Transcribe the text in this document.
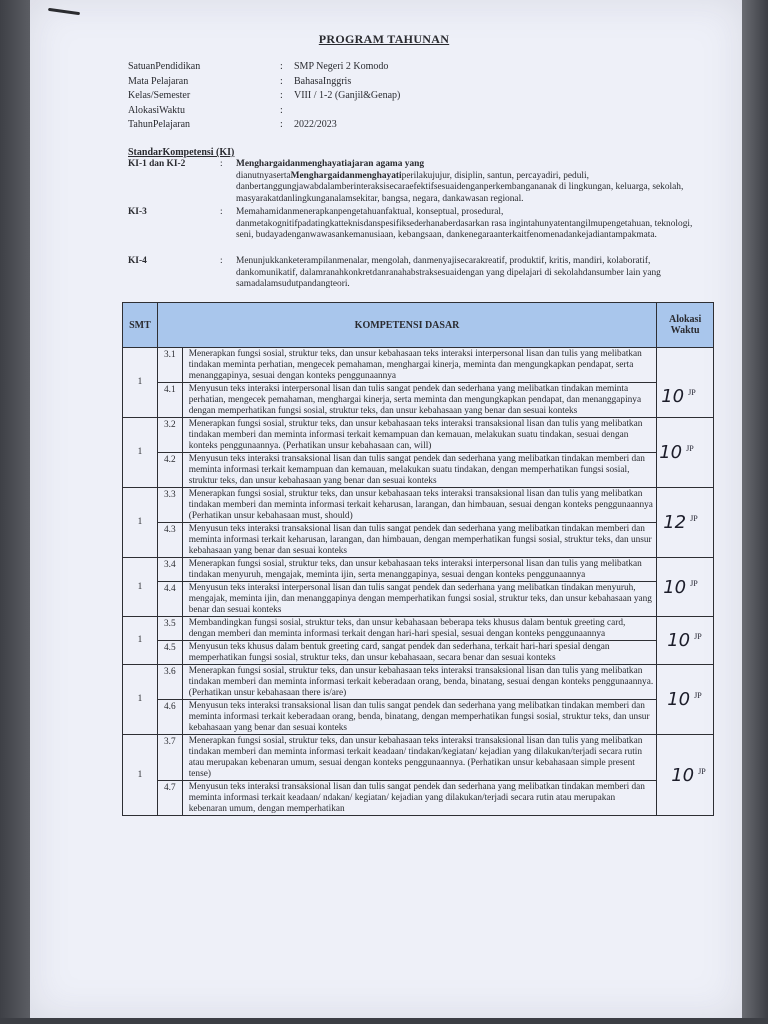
PROGRAM TAHUNAN
SatuanPendidikan	:	SMP Negeri 2 Komodo
Mata Pelajaran	:	BahasaInggris
Kelas/Semester	:	VIII / 1-2 (Ganjil&Genap)
AlokasiWaktu	:
TahunPelajaran	:	2022/2023
StandarKompetensi (KI)
KI-1 dan KI-2	:	Menghargaidanmenghayatiajaran agama yang
dianutnyasertaMenghargaidanmenghayatiperilakujujur, disiplin, santun, percayadiri, peduli, danbertanggungjawabdalamberinteraksisecaraefektifsesuaidenganperkembangananak di lingkungan, keluarga, sekolah, masyarakatdanlingkunganalamsekitar, bangsa, negara, dankawasan regional.
KI-3	:	Memahamidanmenerapkanpengetahuanfaktual, konseptual, prosedural, danmetakognitifpadatingkatteknisdanspesifiksederhanaberdasarkan rasa ingintahunyatentangilmupengetahuan, teknologi, seni, budayadenganwawasankemanusiaan, kebangsaan, dankenegaraanterkaitfenomenadankejadiantampakmata.
KI-4	:	Menunjukkanketerampilanmenalar, mengolah, danmenyajisecarakreatif, produktif, kritis, mandiri, kolaboratif, dankomunikatif, dalamranahkonkretdanranahabstraksesuaidengan yang dipelajari di sekolahdansumber lain yang samadalamsudutpandangteori.
SMT	KOMPETENSI DASAR		Alokasi Waktu
1	3.1	Menerapkan fungsi sosial, struktur teks, dan unsur kebahasaan teks interaksi interpersonal lisan dan tulis yang melibatkan tindakan meminta perhatian, mengecek pemahaman, menghargai kinerja, meminta dan mengungkapkan pendapat, serta menanggapinya, sesuai dengan konteks penggunaannya	10 $^{JP}$
	4.1	Menyusun teks interaksi interpersonal lisan dan tulis sangat pendek dan sederhana yang melibatkan tindakan meminta perhatian, mengecek pemahaman, menghargai kinerja, serta meminta dan mengungkapkan pendapat, dan menanggapinya dengan memperhatikan fungsi sosial, struktur teks, dan unsur kebahasaan yang benar dan sesuai konteks	
1	3.2	Menerapkan fungsi sosial, struktur teks, dan unsur kebahasaan teks interaksi transaksional lisan dan tulis yang melibatkan tindakan memberi dan meminta informasi terkait kemampuan dan kemauan, melakukan suatu tindakan, sesuai dengan konteks penggunaannya. (Perhatikan unsur kebahasaan can, will)	10 $^{JP}$
	4.2	Menyusun teks interaksi transaksional lisan dan tulis sangat pendek dan sederhana yang melibatkan tindakan memberi dan meminta informasi terkait kemampuan dan kemauan, melakukan suatu tindakan, dengan memperhatikan fungsi sosial, struktur teks, dan unsur kebahasaan yang benar dan sesuai konteks	
1	3.3	Menerapkan fungsi sosial, struktur teks, dan unsur kebahasaan teks interaksi transaksional lisan dan tulis yang melibatkan tindakan memberi dan meminta informasi terkait keharusan, larangan, dan himbauan, sesuai dengan konteks penggunaannya (Perhatikan unsur kebahasaan must, should)	12 $^{JP}$
	4.3	Menyusun teks interaksi transaksional lisan dan tulis sangat pendek dan sederhana yang melibatkan tindakan memberi dan meminta informasi terkait keharusan, larangan, dan himbauan, dengan memperhatikan fungsi sosial, struktur teks, dan unsur kebahasaan yang benar dan sesuai konteks	
1	3.4	Menerapkan fungsi sosial, struktur teks, dan unsur kebahasaan teks interaksi interpersonal lisan dan tulis yang melibatkan tindakan menyuruh, mengajak, meminta ijin, serta menanggapinya, sesuai dengan konteks penggunaannya	10 $^{JP}$
	4.4	Menyusun teks interaksi interpersonal lisan dan tulis sangat pendek dan sederhana yang melibatkan tindakan menyuruh, mengajak, meminta ijin, dan menanggapinya dengan memperhatikan fungsi sosial, struktur teks, dan unsur kebahasaan yang benar dan sesuai konteks	
1	3.5	Membandingkan fungsi sosial, struktur teks, dan unsur kebahasaan beberapa teks khusus dalam bentuk greeting card, dengan memberi dan meminta informasi terkait dengan hari-hari spesial, sesuai dengan konteks penggunaannya	10 $^{JP}$
	4.5	Menyusun teks khusus dalam bentuk greeting card, sangat pendek dan sederhana, terkait hari-hari spesial dengan memperhatikan fungsi sosial, struktur teks, dan unsur kebahasaan, secara benar dan sesuai konteks	
1	3.6	Menerapkan fungsi sosial, struktur teks, dan unsur kebahasaan teks interaksi transaksional lisan dan tulis yang melibatkan tindakan memberi dan meminta informasi terkait keberadaan orang, benda, binatang, sesuai dengan konteks penggunaannya. (Perhatikan unsur kebahasaan there is/are)	10 $^{JP}$
	4.6	Menyusun teks interaksi transaksional lisan dan tulis sangat pendek dan sederhana yang melibatkan tindakan memberi dan meminta informasi terkait keberadaan orang, benda, binatang, dengan memperhatikan fungsi sosial, struktur teks, dan unsur kebahasaan yang benar dan sesuai konteks	
1	3.7	Menerapkan fungsi sosial, struktur teks, dan unsur kebahasaan teks interaksi transaksional lisan dan tulis yang melibatkan tindakan memberi dan meminta informasi terkait keadaan/ tindakan/kegiatan/ kejadian yang dilakukan/terjadi secara rutin atau merupakan kebenaran umum, sesuai dengan konteks penggunaannya. (Perhatikan unsur kebahasaan simple present tense)	10 $^{JP}$
	4.7	Menyusun teks interaksi transaksional lisan dan tulis sangat pendek dan sederhana yang melibatkan tindakan memberi dan meminta informasi terkait keadaan/ ndakan/ kegiatan/ kejadian yang dilakukan/terjadi secara rutin atau merupakan kebenaran umum, dengan memperhatikan	
